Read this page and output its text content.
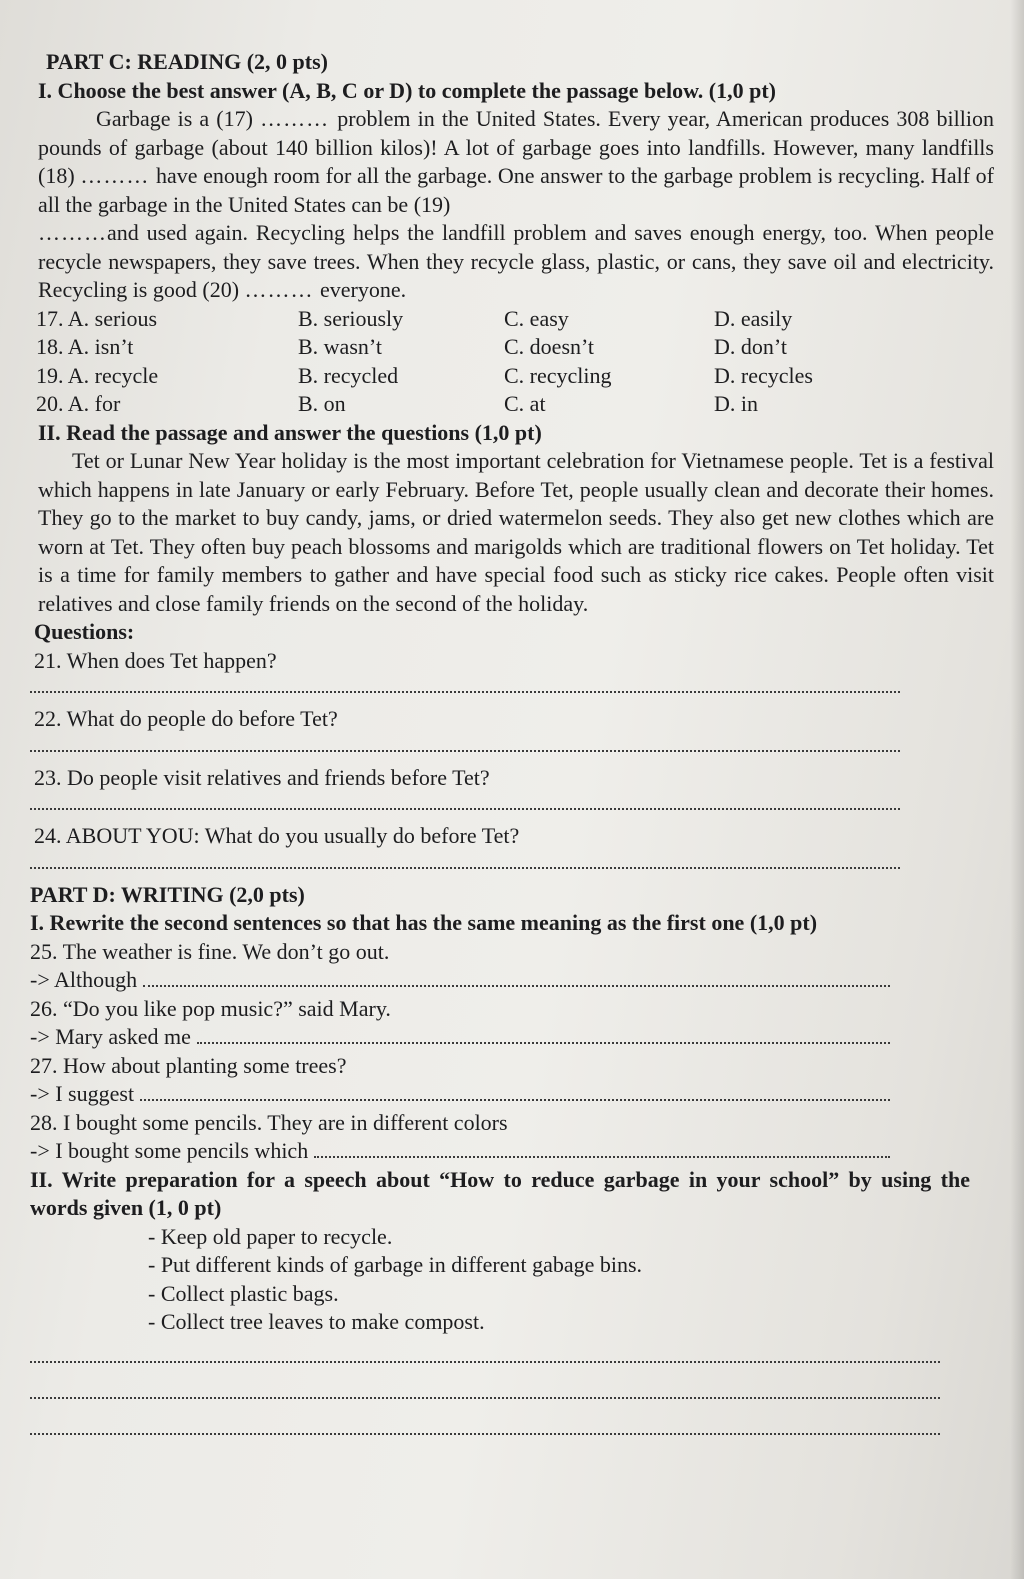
PART C: READING (2, 0 pts)
I. Choose the best answer (A, B, C or D) to complete the passage below. (1,0 pt)
Garbage is a (17) ……… problem in the United States. Every year, American produces 308 billion pounds of garbage (about 140 billion kilos)! A lot of garbage goes into landfills. However, many landfills (18) ……… have enough room for all the garbage. One answer to the garbage problem is recycling. Half of all the garbage in the United States can be (19)
………and used again. Recycling helps the landfill problem and saves enough energy, too. When people recycle newspapers, they save trees. When they recycle glass, plastic, or cans, they save oil and electricity. Recycling is good (20) ……… everyone.
17. A. serious	B. seriously	C. easy	D. easily
18. A. isn’t	B. wasn’t	C. doesn’t	D. don’t
19. A. recycle	B. recycled	C. recycling	D. recycles
20. A. for	B. on	C. at	D. in
II. Read the passage and answer the questions (1,0 pt)
Tet or Lunar New Year holiday is the most important celebration for Vietnamese people. Tet is a festival which happens in late January or early February. Before Tet, people usually clean and decorate their homes. They go to the market to buy candy, jams, or dried watermelon seeds. They also get new clothes which are worn at Tet. They often buy peach blossoms and marigolds which are traditional flowers on Tet holiday. Tet is a time for family members to gather and have special food such as sticky rice cakes. People often visit relatives and close family friends on the second of the holiday.
Questions:
21. When does Tet happen?
22. What do people do before Tet?
23. Do people visit relatives and friends before Tet?
24. ABOUT YOU: What do you usually do before Tet?
PART D: WRITING (2,0 pts)
I. Rewrite the second sentences so that has the same meaning as the first one (1,0 pt)
25. The weather is fine. We don’t go out.
-> Although
26. “Do you like pop music?” said Mary.
-> Mary asked me
27. How about planting some trees?
-> I suggest
28. I bought some pencils. They are in different colors
-> I bought some pencils which
II. Write preparation for a speech about “How to reduce garbage in your school” by using the words given (1, 0 pt)
- Keep old paper to recycle.
- Put different kinds of garbage in different gabage bins.
- Collect plastic bags.
- Collect tree leaves to make compost.
